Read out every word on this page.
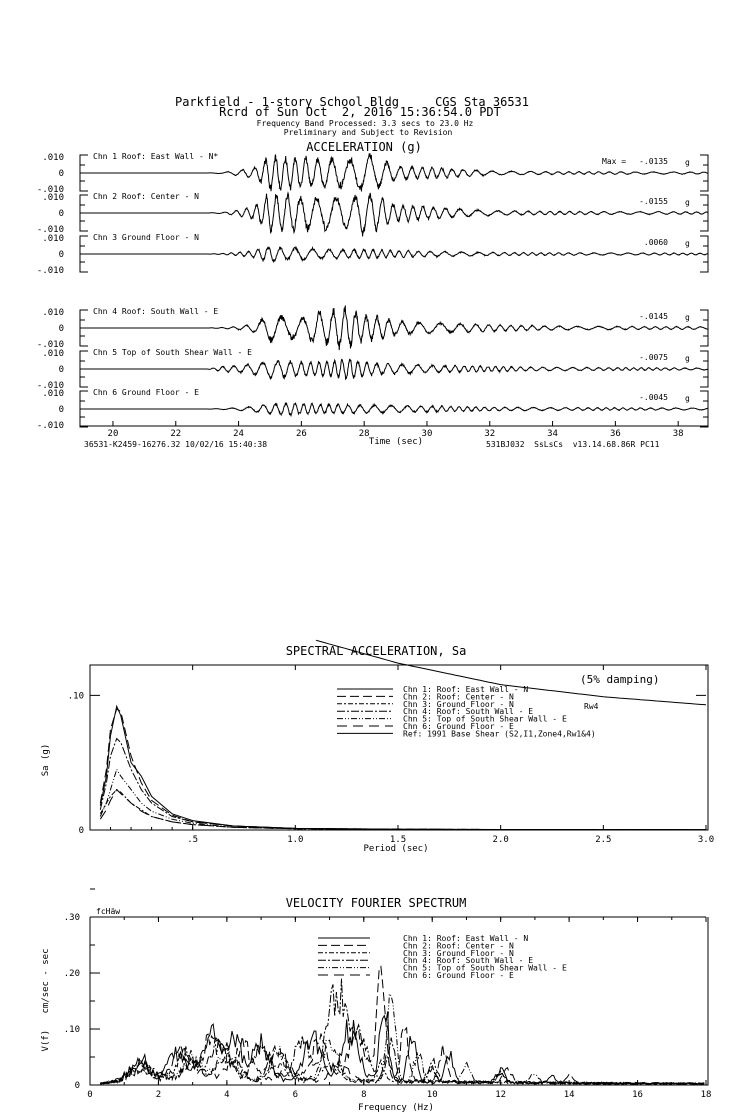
Parkfield - 1-story School Bldg     CGS Sta 36531
Rcrd of Sun Oct  2, 2016 15:36:54.0 PDT
Frequency Band Processed: 3.3 secs to 23.0 Hz
Preliminary and Subject to Revision
ACCELERATION (g)
Time (sec)
36531-K2459-16276.32 10/02/16 15:40:38	531BJ032  SsLsCs  v13.14.68.86R PC11
Chn 1 Roof: East Wall - N*
.010
0
-.010
Max = -.0135 g
Chn 2 Roof: Center - N
.010
0
-.010
-.0155 g
Chn 3 Ground Floor - N
.010
0
-.010
.0060 g
Chn 4 Roof: South Wall - E
.010
0
-.010
-.0145 g
Chn 5 Top of South Shear Wall - E
.010
0
-.010
-.0075 g
Chn 6 Ground Floor - E
.010
0
-.010
-.0045 g
20	22	24	26	28	30	32	34	36	38
SPECTRAL ACCELERATION, Sa
Period (sec)
Sa (g)
(5% damping)
Rw4
.5	1.0	1.5	2.0	2.5	3.0
0
.10
Chn 1: Roof: East Wall - N
Chn 2: Roof: Center - N
Chn 3: Ground Floor - N
Chn 4: Roof: South Wall - E
Chn 5: Top of South Shear Wall - E
Chn 6: Ground Floor - E
Ref: 1991 Base Shear (S2,I1,Zone4,Rw1&4)
VELOCITY FOURIER SPECTRUM
Frequency (Hz)
V(f)   cm/sec - sec
fcHäw
0	2	4	6	8	10	12	14	16	18
0
.10
.20
.30
Chn 1: Roof: East Wall - N
Chn 2: Roof: Center - N
Chn 3: Ground Floor - N
Chn 4: Roof: South Wall - E
Chn 5: Top of South Shear Wall - E
Chn 6: Ground Floor - E
